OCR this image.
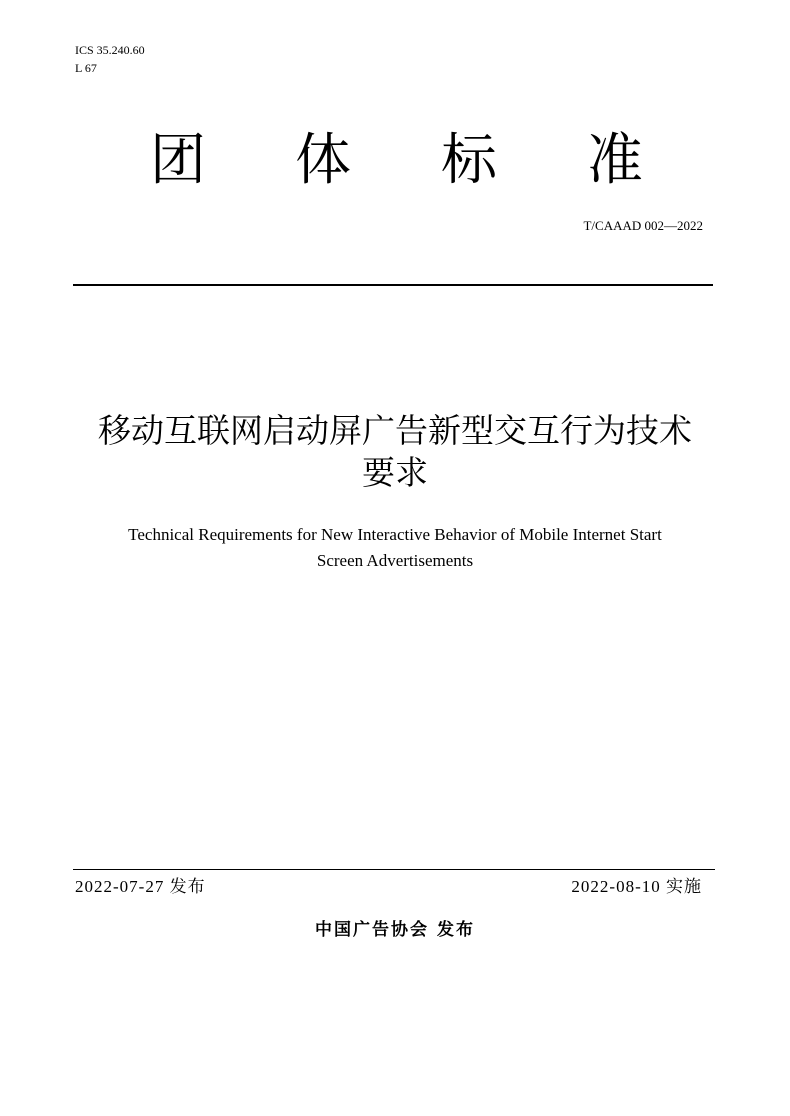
ICS 35.240.60
L 67
团 体 标 准
T/CAAAD 002—2022
移动互联网启动屏广告新型交互行为技术
要求
Technical Requirements for New Interactive Behavior of Mobile Internet Start
Screen Advertisements
2022-07-27 发布	2022-08-10 实施
中国广告协会 发布
